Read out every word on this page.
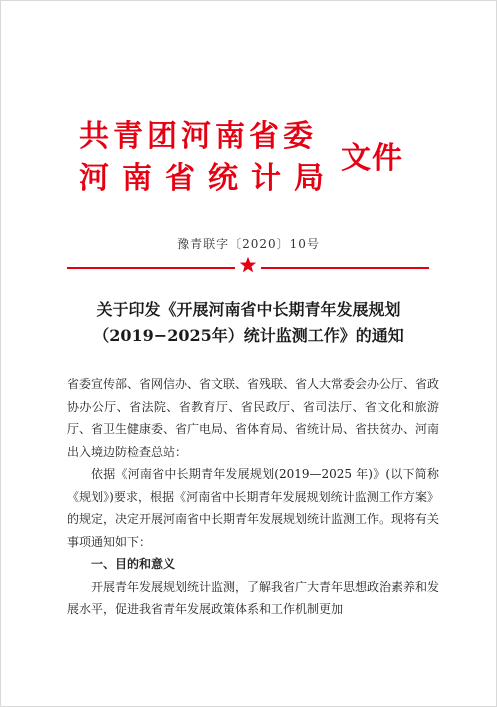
共青团河南省委
河南省统计局
文件
豫青联字〔2020〕10号
关于印发《开展河南省中长期青年发展规划
（2019−2025年）统计监测工作》的通知

省委宣传部、省网信办、省文联、省残联、省人大常委会办公厅、省政协办公厅、省法院、省教育厅、省民政厅、省司法厅、省文化和旅游厅、省卫生健康委、省广电局、省体育局、省统计局、省扶贫办、河南出入境边防检查总站：

依据《河南省中长期青年发展规划(2019—2025 年)》(以下简称《规划》)要求，根据《河南省中长期青年发展规划统计监测工作方案》的规定，决定开展河南省中长期青年发展规划统计监测工作。现将有关事项通知如下：

一、目的和意义

开展青年发展规划统计监测，了解我省广大青年思想政治素养和发展水平，促进我省青年发展政策体系和工作机制更加
